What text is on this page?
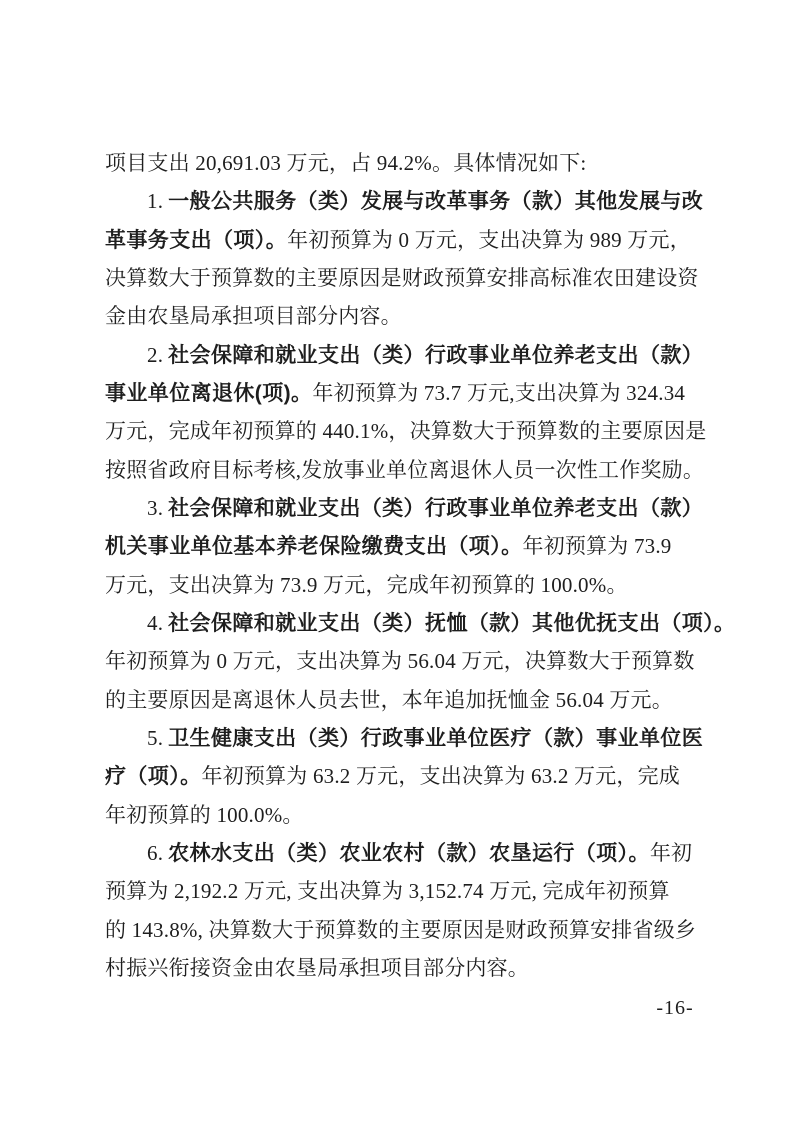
项目支出 20,691.03 万元，占 94.2%。具体情况如下:
1. 一般公共服务（类）发展与改革事务（款）其他发展与改
革事务支出（项）。年初预算为 0 万元，支出决算为 989 万元，
决算数大于预算数的主要原因是财政预算安排高标准农田建设资
金由农垦局承担项目部分内容。
2. 社会保障和就业支出（类）行政事业单位养老支出（款）
事业单位离退休(项)。年初预算为 73.7 万元,支出决算为 324.34
万元，完成年初预算的 440.1%，决算数大于预算数的主要原因是
按照省政府目标考核,发放事业单位离退休人员一次性工作奖励。
3. 社会保障和就业支出（类）行政事业单位养老支出（款）
机关事业单位基本养老保险缴费支出（项）。年初预算为 73.9
万元，支出决算为 73.9 万元，完成年初预算的 100.0%。
4. 社会保障和就业支出（类）抚恤（款）其他优抚支出（项）。
年初预算为 0 万元，支出决算为 56.04 万元，决算数大于预算数
的主要原因是离退休人员去世，本年追加抚恤金 56.04 万元。
5. 卫生健康支出（类）行政事业单位医疗（款）事业单位医
疗（项）。年初预算为 63.2 万元，支出决算为 63.2 万元，完成
年初预算的 100.0%。
6. 农林水支出（类）农业农村（款）农垦运行（项）。年初
预算为 2,192.2 万元, 支出决算为 3,152.74 万元, 完成年初预算
的 143.8%, 决算数大于预算数的主要原因是财政预算安排省级乡
村振兴衔接资金由农垦局承担项目部分内容。
-16-
